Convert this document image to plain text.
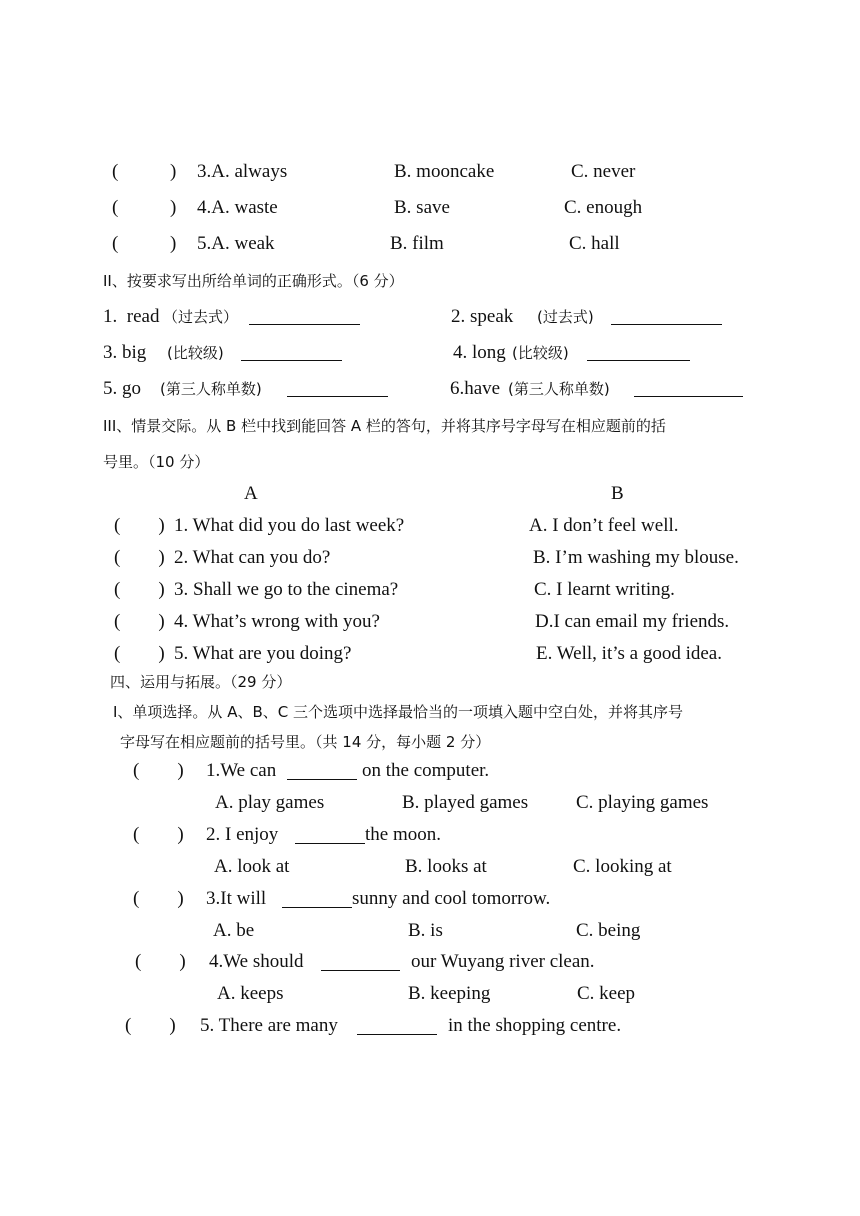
(	) 3.A. always	B. mooncake	C. never
(	) 4.A. waste	B. save	C. enough
(	) 5.A. weak	B. film	C. hall
II、按要求写出所给单词的正确形式。（6 分）
1.  read （过去式）	2. speak (过去式)
3. big (比较级)	4. long (比较级)
5. go (第三人称单数)	6.have (第三人称单数)
III、情景交际。从 B 栏中找到能回答 A 栏的答句，并将其序号字母写在相应题前的括
号里。（10 分）
A	B
(        ) 1. What did you do last week?	A. I don’t feel well.
(        ) 2. What can you do?	B. I’m washing my blouse.
(        ) 3. Shall we go to the cinema?	C. I learnt writing.
(        ) 4. What’s wrong with you?	D.I can email my friends.
(        ) 5. What are you doing?	E. Well, it’s a good idea.
四、运用与拓展。（29 分）
I、单项选择。从 A、B、C 三个选项中选择最恰当的一项填入题中空白处，并将其序号
字母写在相应题前的括号里。（共 14 分，每小题 2 分）
(        ) 1.We can	on the computer.
A. play games	B. played games	C. playing games
(        ) 2. I enjoy	the moon.
A. look at	B. looks at	C. looking at
(        ) 3.It will	sunny and cool tomorrow.
A. be	B. is	C. being
(        ) 4.We should	our Wuyang river clean.
A. keeps	B. keeping	C. keep
(        ) 5. There are many	in the shopping centre.
